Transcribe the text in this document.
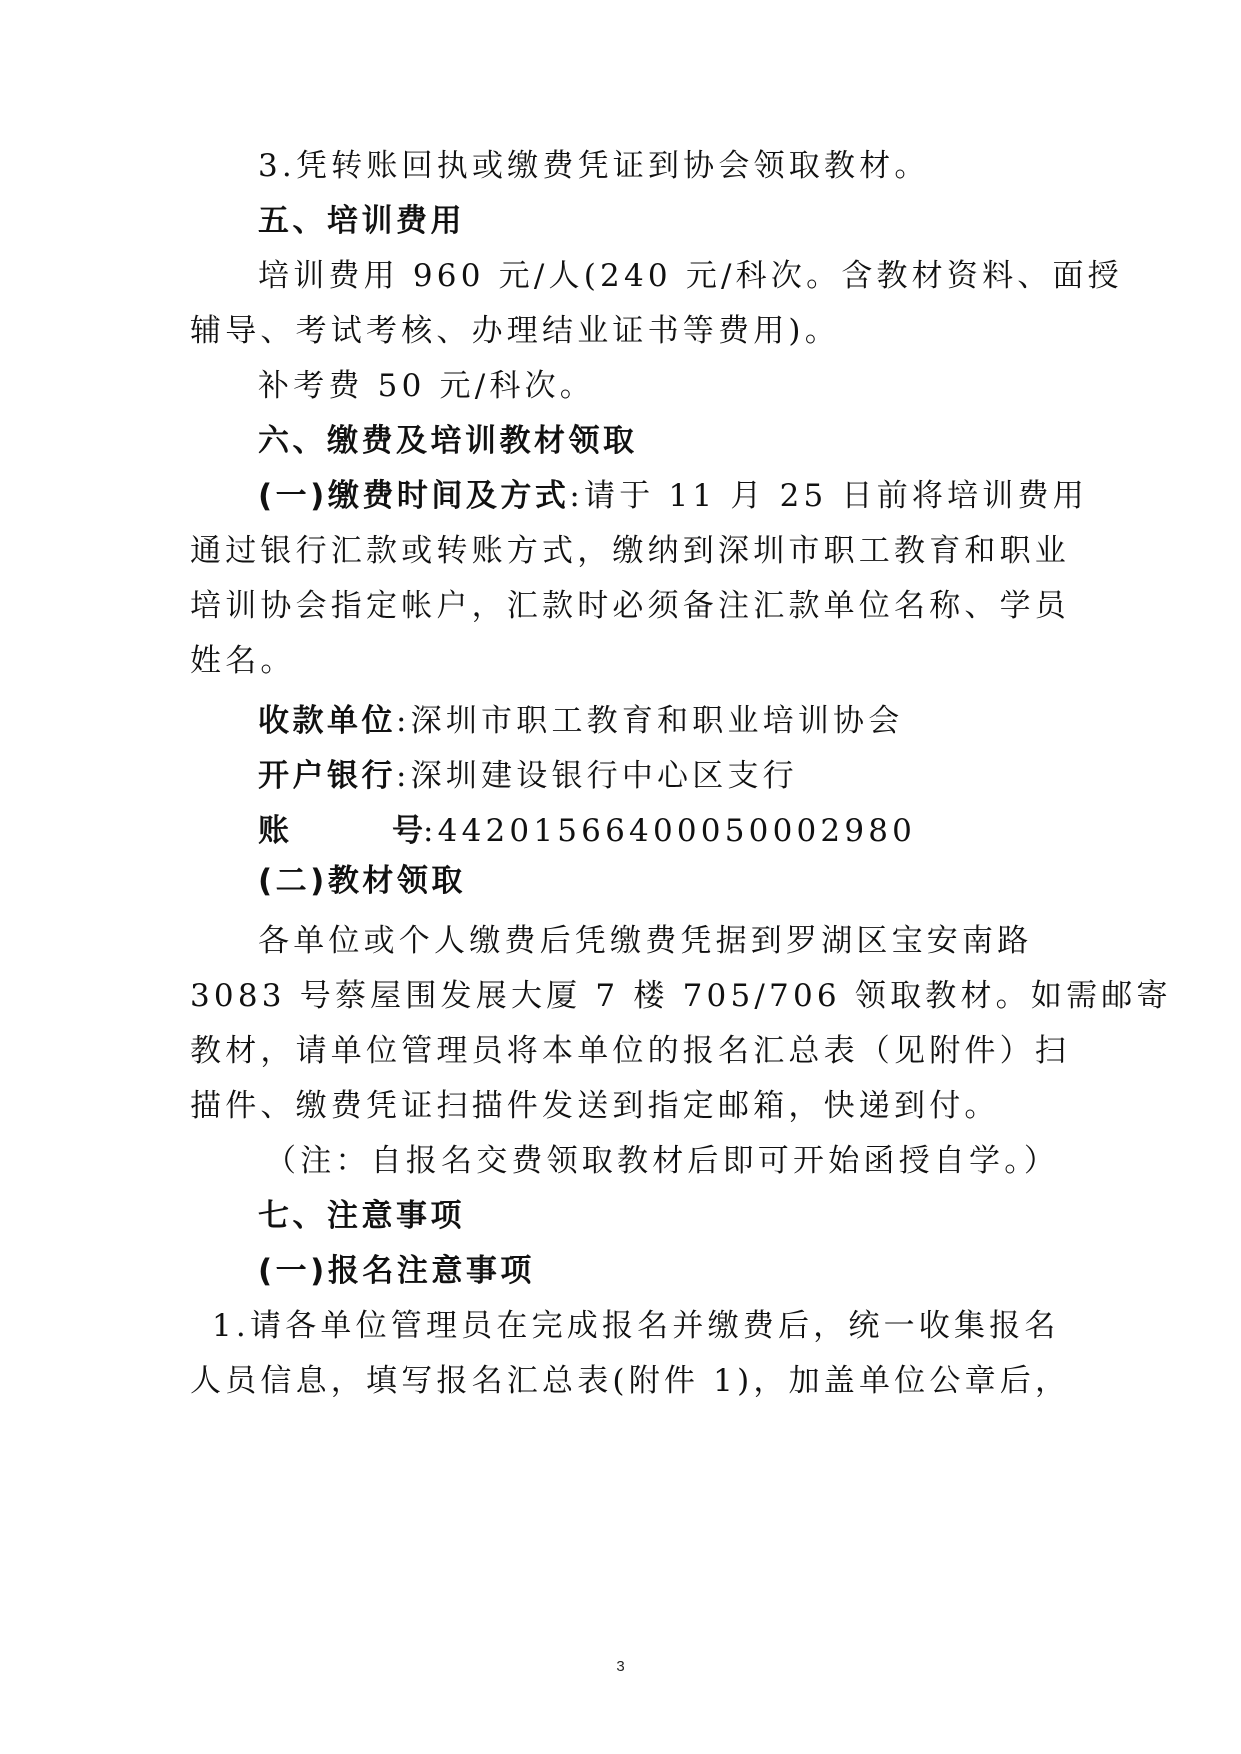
3.凭转账回执或缴费凭证到协会领取教材。
五、培训费用
培训费用 960 元/人(240 元/科次。含教材资料、面授
辅导、考试考核、办理结业证书等费用)。
补考费 50 元/科次。
六、缴费及培训教材领取
(一)缴费时间及方式:请于 11 月 25 日前将培训费用
通过银行汇款或转账方式，缴纳到深圳市职工教育和职业
培训协会指定帐户，汇款时必须备注汇款单位名称、学员
姓名。
收款单位:深圳市职工教育和职业培训协会
开户银行:深圳建设银行中心区支行
账号:44201566400050002980
(二)教材领取
各单位或个人缴费后凭缴费凭据到罗湖区宝安南路
3083 号蔡屋围发展大厦 7 楼 705/706 领取教材。如需邮寄
教材，请单位管理员将本单位的报名汇总表（见附件）扫
描件、缴费凭证扫描件发送到指定邮箱，快递到付。
（注：自报名交费领取教材后即可开始函授自学。）
七、注意事项
(一)报名注意事项
1.请各单位管理员在完成报名并缴费后，统一收集报名
人员信息，填写报名汇总表(附件 1)，加盖单位公章后，
3
